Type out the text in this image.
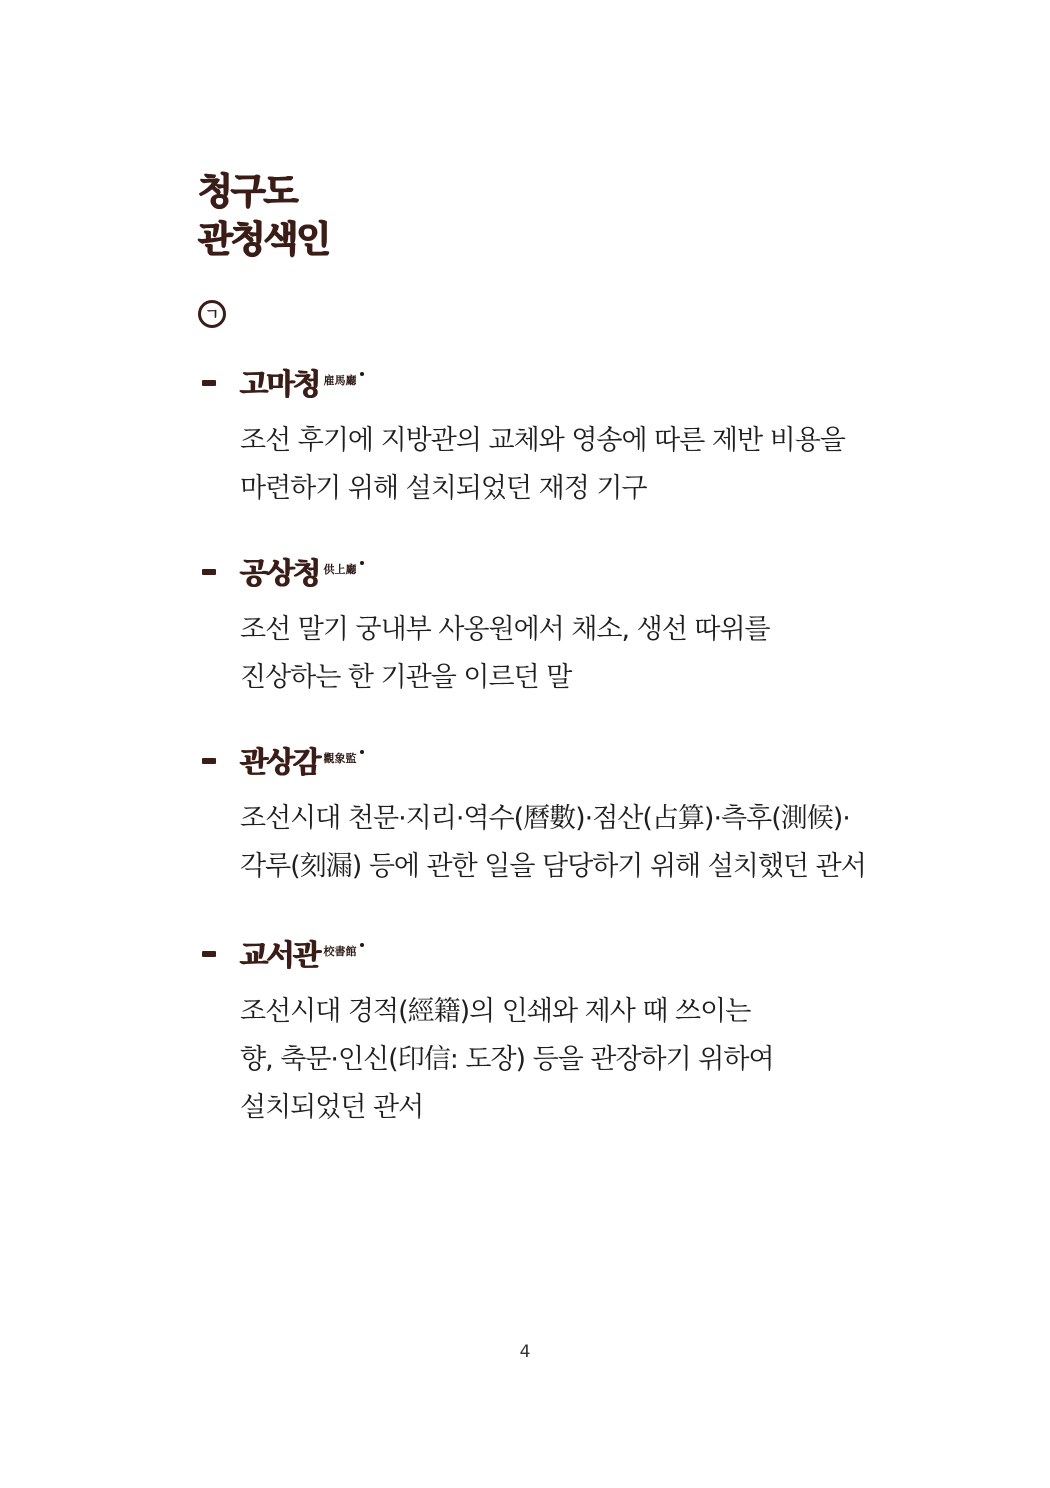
청구도
관청색인
ㄱ
고마청 $^{雇馬廳}$

조선 후기에 지방관의 교체와 영송에 따른 제반 비용을
마련하기 위해 설치되었던 재정 기구

공상청 $^{供上廳}$

조선 말기 궁내부 사옹원에서 채소, 생선 따위를
진상하는 한 기관을 이르던 말

관상감 $^{觀象監}$

조선시대 천문·지리·역수(曆數)·점산(占算)·측후(測候)·
각루(刻漏) 등에 관한 일을 담당하기 위해 설치했던 관서

교서관 $^{校書館}$

조선시대 경적(經籍)의 인쇄와 제사 때 쓰이는
향, 축문·인신(印信: 도장) 등을 관장하기 위하여
설치되었던 관서

4
